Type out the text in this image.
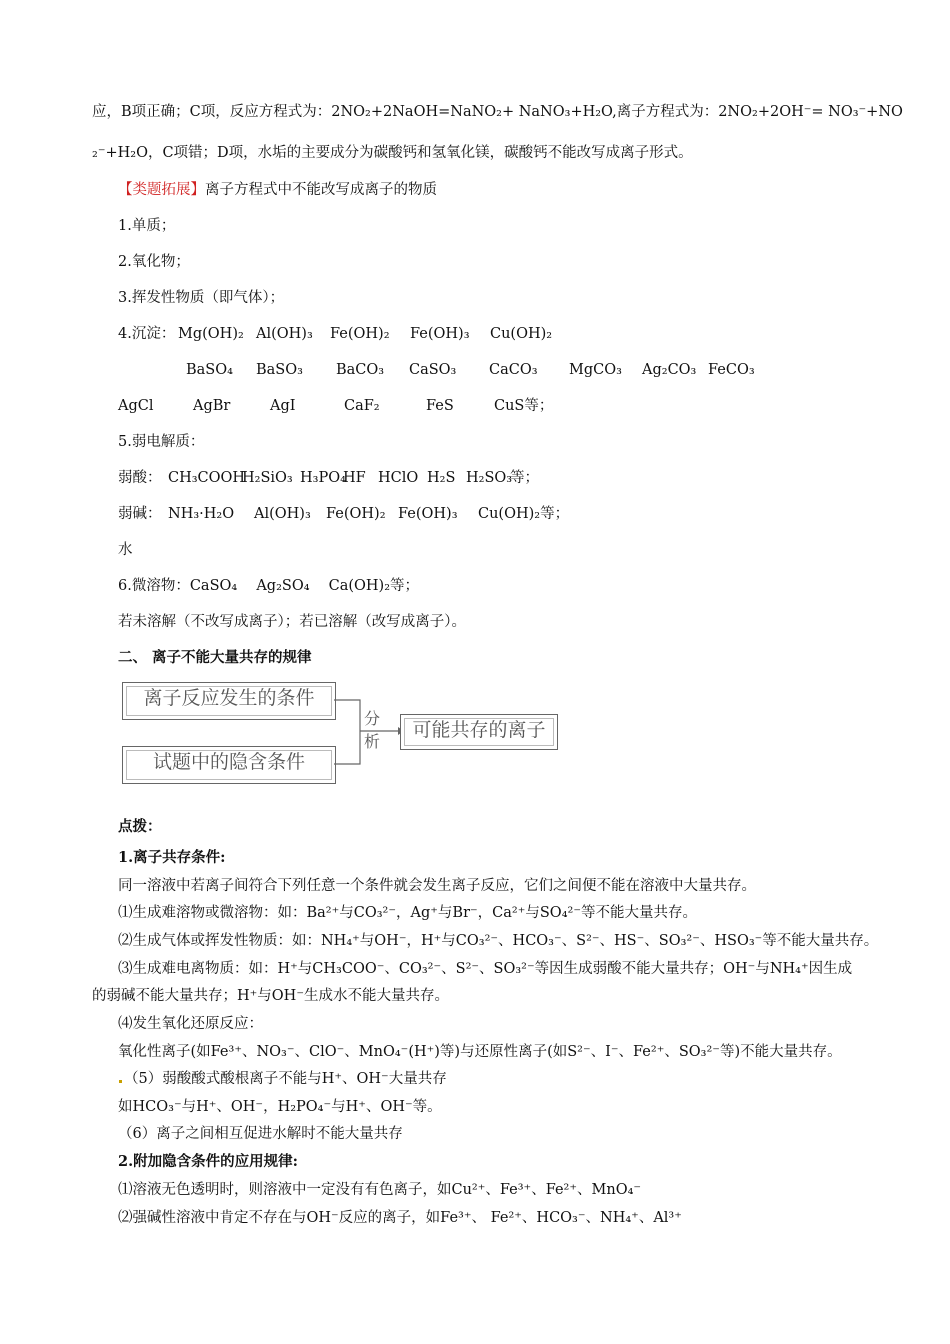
应，B项正确；C项，反应方程式为：2NO₂+2NaOH=NaNO₂+ NaNO₃+H₂O,离子方程式为：2NO₂+2OH⁻= NO₃⁻+NO
₂⁻+H₂O，C项错；D项，水垢的主要成分为碳酸钙和氢氧化镁，碳酸钙不能改写成离子形式。
【类题拓展】离子方程式中不能改写成离子的物质
1.单质；
2.氧化物；
3.挥发性物质（即气体）；
4.沉淀： Mg(OH)₂ Al(OH)₃ Fe(OH)₂ Fe(OH)₃ Cu(OH)₂
BaSO₄ BaSO₃ BaCO₃ CaSO₃ CaCO₃ MgCO₃ Ag₂CO₃ FeCO₃
AgCl	AgBr	AgI	CaF₂	FeS	CuS等；
5.弱电解质：
弱酸： CH₃COOH
H₂SiO₃ H₃PO₄
HF HClO H₂S H₂SO₃
等；
弱碱： NH₃·H₂O Al(OH)₃ Fe(OH)₂ Fe(OH)₃ Cu(OH)₂等；
水
6.微溶物：CaSO₄　 Ag₂SO₄　 Ca(OH)₂等；
若未溶解（不改写成离子）；若已溶解（改写成离子）。
二、 离子不能大量共存的规律
离子反应发生的条件
试题中的隐含条件
分析
可能共存的离子
点拨：
1.离子共存条件:
同一溶液中若离子间符合下列任意一个条件就会发生离子反应，它们之间便不能在溶液中大量共存。
⑴生成难溶物或微溶物：如：Ba²⁺与CO₃²⁻，Ag⁺与Br⁻，Ca²⁺与SO₄²⁻等不能大量共存。
⑵生成气体或挥发性物质：如：NH₄⁺与OH⁻，H⁺与CO₃²⁻、HCO₃⁻、S²⁻、HS⁻、SO₃²⁻、HSO₃⁻等不能大量共存。
⑶生成难电离物质：如：H⁺与CH₃COO⁻、CO₃²⁻、S²⁻、SO₃²⁻等因生成弱酸不能大量共存；OH⁻与NH₄⁺因生成
的弱碱不能大量共存；H⁺与OH⁻生成水不能大量共存。
⑷发生氧化还原反应：
氧化性离子(如Fe³⁺、NO₃⁻、ClO⁻、MnO₄⁻(H⁺)等)与还原性离子(如S²⁻、I⁻、Fe²⁺、SO₃²⁻等)不能大量共存。
（5）弱酸酸式酸根离子不能与H⁺、OH⁻大量共存
如HCO₃⁻与H⁺、OH⁻，H₂PO₄⁻与H⁺、OH⁻等。
（6）离子之间相互促进水解时不能大量共存
2.附加隐含条件的应用规律:
⑴溶液无色透明时，则溶液中一定没有有色离子，如Cu²⁺、Fe³⁺、Fe²⁺、MnO₄⁻
⑵强碱性溶液中肯定不存在与OH⁻反应的离子，如Fe³⁺、 Fe²⁺、HCO₃⁻、NH₄⁺、Al³⁺
